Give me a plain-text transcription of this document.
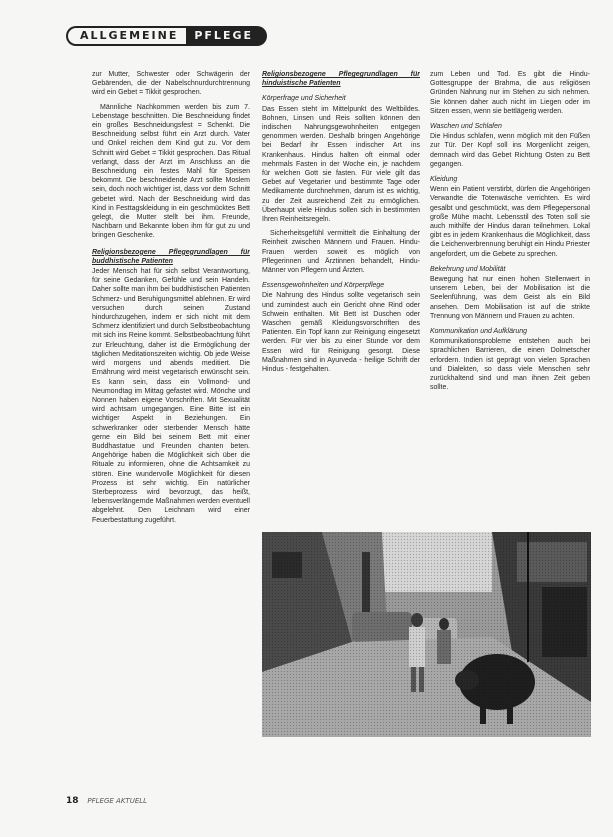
ALLGEMEINE	PFLEGE

zur Mutter, Schwester oder Schwägerin der Gebärenden, die der Nabelschnurdurchtrennung wird ein Gebet = Tikkit gesprochen.

Männliche Nachkommen werden bis zum 7. Lebenstage beschnitten. Die Beschneidung findet ein großes Beschneidungsfest = Schenkt. Die Beschneidung selbst führt ein Arzt durch. Vater und Onkel reichen dem Kind gut zu. Vor dem Schnitt wird Gebet = Tikkit gesprochen. Das Ritual verlangt, dass der Arzt im Anschluss an die Beschneidung ein festes Mahl für Speisen bekommt. Die beschneidende Arzt sollte Moslem sein, doch noch wichtiger ist, dass vor dem Schnitt gebetet wird. Nach der Beschneidung wird das Kind in Festtagskleidung in ein geschmücktes Bett gelegt, die Mutter stellt bei ihm. Freunde, Nachbarn und Bekannte loben ihm für gut zu und bringen Geschenke.

Religionsbezogene Pflegegrundlagen für buddhistische Patienten

Jeder Mensch hat für sich selbst Verantwortung, für seine Gedanken, Gefühle und sein Handeln. Daher sollte man ihm bei buddhistischen Patienten Schmerz- und Beruhigungsmittel ablehnen. Er wird versuchen durch seinen Zustand hindurchzugehen, indem er sich nicht mit dem Schmerz identifiziert und durch Selbstbeobachtung mit sich ins Reine kommt. Selbstbeobachtung führt zur Erleuchtung, daher ist die Ermöglichung der täglichen Meditationszeiten wichtig. Ob jede Weise wird morgens und abends meditiert. Die Ernährung wird meist vegetarisch erwünscht sein. Es kann sein, dass ein Vollmond- und Neumondtag im Mittag gefastet wird. Mönche und Nonnen haben eigene Vorschriften. Mit Sexualität wird achtsam umgegangen. Eine Bitte ist ein wichtiger Aspekt in Beziehungen. Ein schwerkranker oder sterbender Mensch hätte gerne ein Bild bei seinem Bett mit einer Buddhastatue und Freunden chanten beten. Angehörige haben die Möglichkeit sich über die Rituale zu informieren, ohne die Achtsamkeit zu stören. Eine wundervolle Möglichkeit für diesen Prozess ist sehr wichtig. Ein natürlicher Sterbeprozess wird bevorzugt, das heißt, lebensverlängernde Maßnahmen werden eventuell abgelehnt. Den Leichnam wird einer Feuerbestattung zugeführt.

Religionsbezogene Pflegegrundlagen für hinduistische Patienten
Körperfrage und Sicherheit

Das Essen steht im Mittelpunkt des Weltbildes. Bohnen, Linsen und Reis sollten können den indischen Nahrungsgewohnheiten entgegen genommen werden. Deshalb bringen Angehörige bei Bedarf ihr Essen indischer Art ins Krankenhaus. Hindus halten oft einmal oder mehrmals Fasten in der Woche ein, je nachdem für welchen Gott sie fasten. Für viele gilt das Gebet auf Vegetarier und bestimmte Tage oder Medikamente durchnehmen, darum ist es wichtig, zu der Zeit ausreichend Zeit zu ermöglichen. Überhaupt viele Hindus sollen sich in bestimmten Ihren Reinheitsregeln.

Sicherheitsgefühl vermittelt die Einhaltung der Reinheit zwischen Männern und Frauen. Hindu-Frauen werden soweit es möglich von Pflegerinnen und Ärztinnen behandelt, Hindu-Männer von Pflegern und Ärzten.

Essensgewohnheiten und Körperpflege

Die Nahrung des Hindus sollte vegetarisch sein und zumindest auch ein Gericht ohne Rind oder Schwein enthalten. Mit Bett ist Duschen oder Waschen gemäß Kleidungsvorschriften des Patienten. Ein Topf kann zur Reinigung eingesetzt werden. Für vier bis zu einer Stunde vor dem Essen wird für Reinigung gesorgt. Diese Maßnahmen sind in Ayurveda - heilige Schrift der Hindus - festgehalten.

zum Leben und Tod. Es gibt die Hindu-Gottesgruppe der Brahma, die aus religiösen Gründen Nahrung nur im Stehen zu sich nehmen. Sie können daher auch nicht im Liegen oder im Sitzen essen, wenn sie bettlägerig werden.

Waschen und Schlafen

Die Hindus schlafen, wenn möglich mit den Füßen zur Tür. Der Kopf soll ins Morgenlicht zeigen, demnach wird das Gebet Richtung Osten zu Bett gegangen.

Kleidung

Wenn ein Patient verstirbt, dürfen die Angehörigen Verwandte die Totenwäsche verrichten. Es wird gesalbt und geschmückt, was dem Pflegepersonal große Mühe macht. Lebensstil des Toten soll sie auch mithilfe der Hindus daran teilnehmen. Lokal gibt es in jedem Krankenhaus die Möglichkeit, dass die Leichenverbrennung beruhigt ein Hindu Priester angefordert, um die Gebete zu sprechen.

Bekehrung und Mobilität

Bewegung hat nur einen hohen Stellenwert in unserem Leben, bei der Mobilisation ist die Seelenführung, was dem Geist als ein Bild ansehen. Dem Mobilisation ist auf die strikte Trennung von Männern und Frauen zu achten.

Kommunikation und Aufklärung

Kommunikationsprobleme entstehen auch bei sprachlichen Barrieren, die einen Dolmetscher erfordern. Indien ist geprägt von vielen Sprachen und Dialekten, so dass viele Menschen sehr zurückhaltend sind und man ihnen Zeit geben sollte.

18 PFLEGE AKTUELL
